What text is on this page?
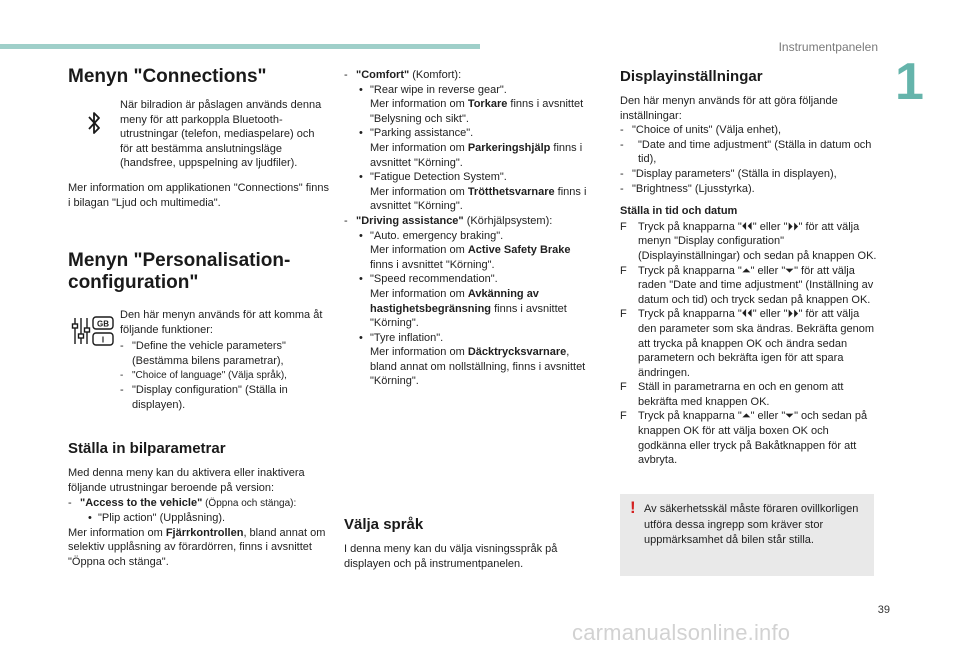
Instrumentpanelen
1
Menyn "Connections"
När bilradion är påslagen används denna meny för att parkoppla Bluetooth-utrustningar (telefon, mediaspelare) och för att bestämma anslutningsläge (handsfree, uppspelning av ljudfiler).

Mer information om applikationen "Connections" finns i bilagan "Ljud och multimedia".

Menyn "Personalisation-
configuration"
GB
I

Den här menyn används för att komma åt följande funktioner:

- "Define the vehicle parameters" (Bestämma bilens parametrar),
- "Choice of language" (Välja språk),
- "Display configuration" (Ställa in displayen).
Ställa in bilparametrar

Med denna meny kan du aktivera eller inaktivera följande utrustningar beroende på version:

- "Access to the vehicle" (Öppna och stänga):
• "Plip action" (Upplåsning).

Mer information om Fjärrkontrollen, bland annat om selektiv upplåsning av förardörren, finns i avsnittet "Öppna och stänga".

- "Comfort" (Komfort):
• "Rear wipe in reverse gear".
Mer information om Torkare finns i avsnittet "Belysning och sikt".
• "Parking assistance".
Mer information om Parkeringshjälp finns i avsnittet "Körning".
• "Fatigue Detection System".
Mer information om Trötthetsvarnare finns i avsnittet "Körning".
- "Driving assistance" (Körhjälpsystem):
• "Auto. emergency braking".
Mer information om Active Safety Brake finns i avsnittet "Körning".
• "Speed recommendation".
Mer information om Avkänning av hastighetsbegränsning finns i avsnittet "Körning".
• "Tyre inflation".
Mer information om Däcktrycksvarnare, bland annat om nollställning, finns i avsnittet "Körning".
Välja språk

I denna meny kan du välja visningsspråk på displayen och på instrumentpanelen.

Displayinställningar

Den här menyn används för att göra följande inställningar:

- "Choice of units" (Välja enhet),
- "Date and time adjustment" (Ställa in datum och tid),
- "Display parameters" (Ställa in displayen),
- "Brightness" (Ljusstyrka).
Ställa in tid och datum
F Tryck på knapparna "⏴⏴" eller "⏵⏵" för att välja menyn "Display configuration" (Displayinställningar) och sedan på knappen OK.
F Tryck på knapparna "⏶" eller "⏷" för att välja raden "Date and time adjustment" (Inställning av datum och tid) och tryck sedan på knappen OK.
F Tryck på knapparna "⏴⏴" eller "⏵⏵" för att välja den parameter som ska ändras. Bekräfta genom att trycka på knappen OK och ändra sedan parametern och bekräfta igen för att spara ändringen.
F Ställ in parametrarna en och en genom att bekräfta med knappen OK.
F Tryck på knapparna "⏶" eller "⏷" och sedan på knappen OK för att välja boxen OK och godkänna eller tryck på Bakåtknappen för att avbryta.
! Av säkerhetsskäl måste föraren ovillkorligen utföra dessa ingrepp som kräver stor uppmärksamhet då bilen står stilla.
39
carmanualsonline.info
